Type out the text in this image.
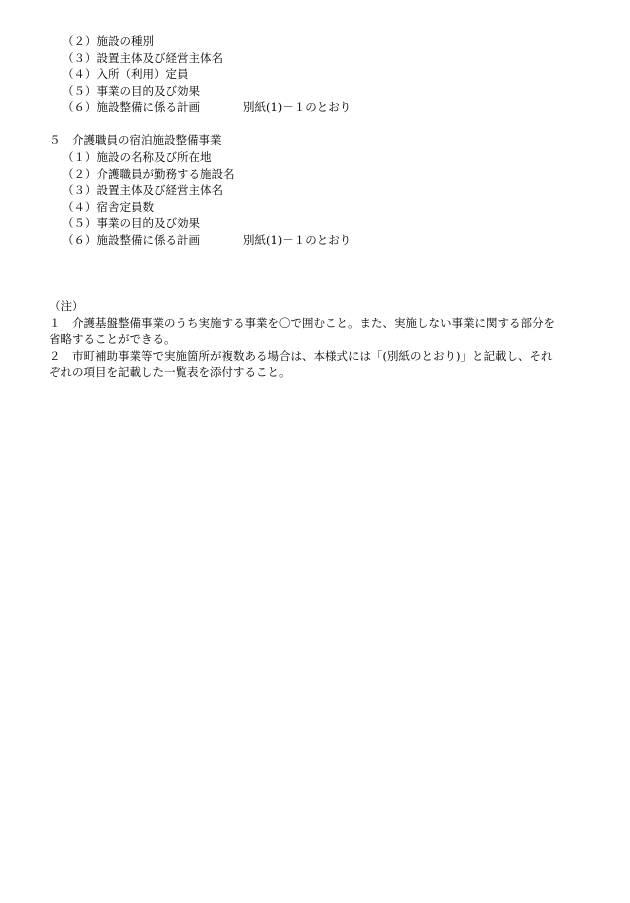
（２）施設の種別
（３）設置主体及び経営主体名
（４）入所（利用）定員
（５）事業の目的及び効果
（６）施設整備に係る計画	別紙(1)－１のとおり
５　介護職員の宿泊施設整備事業
（１）施設の名称及び所在地
（２）介護職員が勤務する施設名
（３）設置主体及び経営主体名
（４）宿舎定員数
（５）事業の目的及び効果
（６）施設整備に係る計画	別紙(1)－１のとおり
（注）
１　介護基盤整備事業のうち実施する事業を〇で囲むこと。また、実施しない事業に関する部分を
省略することができる。
２　市町補助事業等で実施箇所が複数ある場合は、本様式には「(別紙のとおり)」と記載し、それ
ぞれの項目を記載した一覧表を添付すること。
